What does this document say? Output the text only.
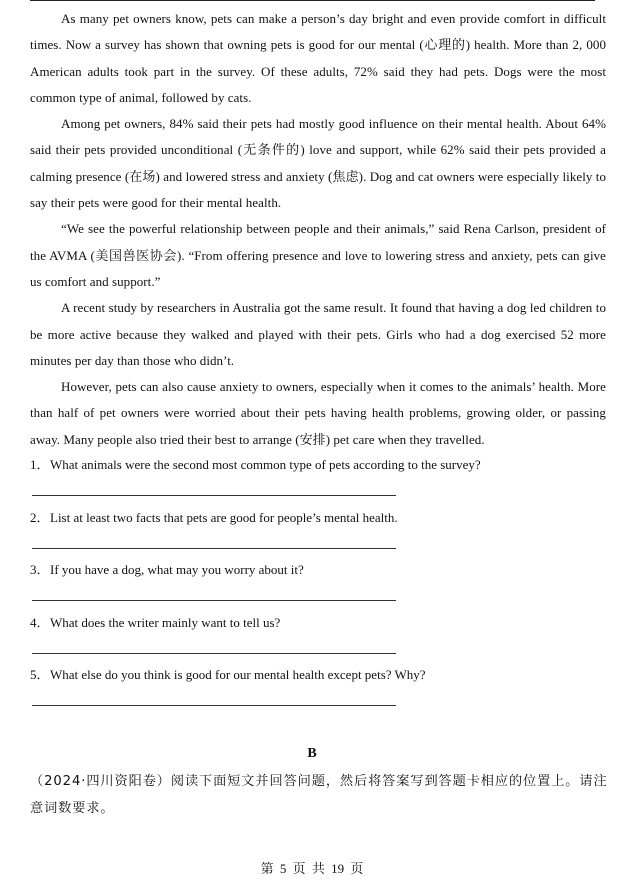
As many pet owners know, pets can make a person’s day bright and even provide comfort in difficult times. Now a survey has shown that owning pets is good for our mental (心理的) health. More than 2, 000 American adults took part in the survey. Of these adults, 72% said they had pets. Dogs were the most common type of animal, followed by cats.

Among pet owners, 84% said their pets had mostly good influence on their mental health. About 64% said their pets provided unconditional (无条件的) love and support, while 62% said their pets provided a calming presence (在场) and lowered stress and anxiety (焦虑). Dog and cat owners were especially likely to say their pets were good for their mental health.

“We see the powerful relationship between people and their animals,” said Rena Carlson, president of the AVMA (美国兽医协会). “From offering presence and love to lowering stress and anxiety, pets can give us comfort and support.”

A recent study by researchers in Australia got the same result. It found that having a dog led children to be more active because they walked and played with their pets. Girls who had a dog exercised 52 more minutes per day than those who didn’t.

However, pets can also cause anxiety to owners, especially when it comes to the animals’ health. More than half of pet owners were worried about their pets having health problems, growing older, or passing away. Many people also tried their best to arrange (安排) pet care when they travelled.

1．What animals were the second most common type of pets according to the survey?
2．List at least two facts that pets are good for people’s mental health.
3．If you have a dog, what may you worry about it?
4．What does the writer mainly want to tell us?
5．What else do you think is good for our mental health except pets? Why?
B
（2024·四川资阳卷）阅读下面短文并回答问题，然后将答案写到答题卡相应的位置上。请注意词数要求。
第 5 页 共 19 页
